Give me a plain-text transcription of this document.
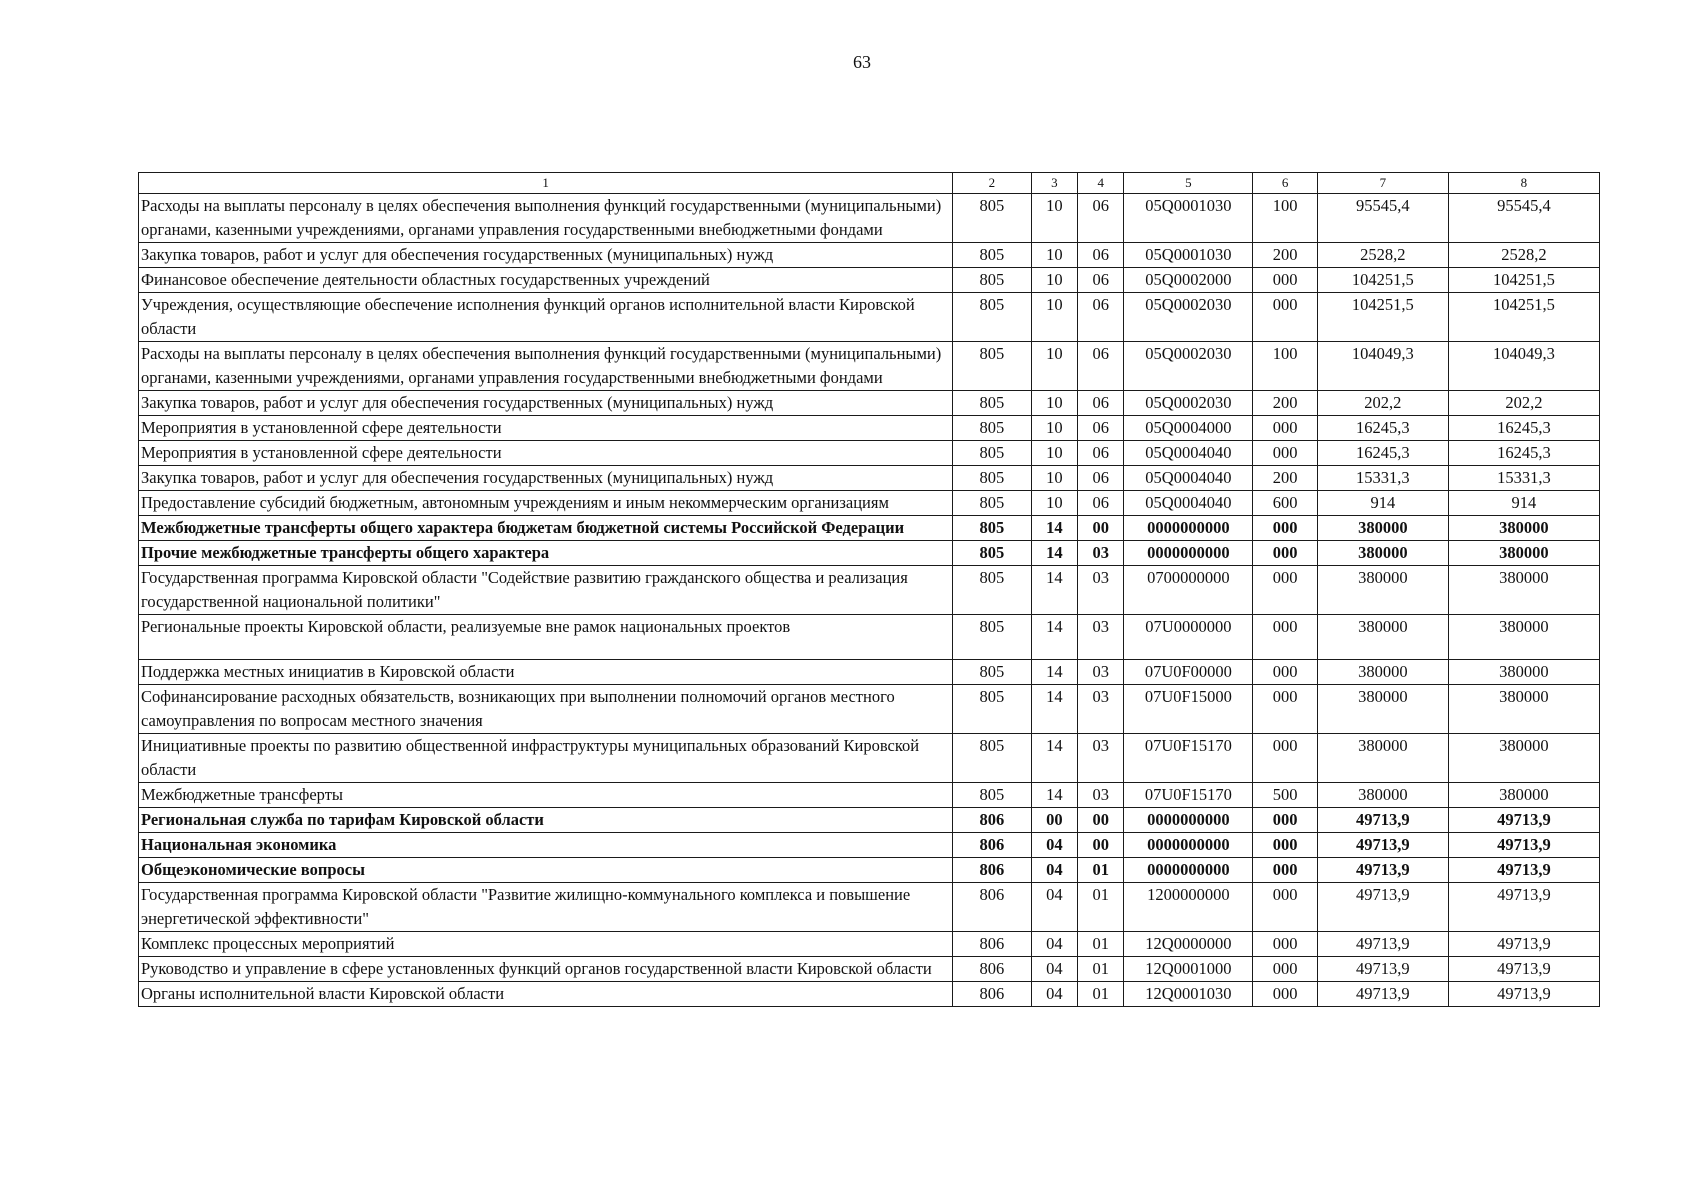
63
1	2	3	4	5	6	7	8
Расходы на выплаты персоналу в целях обеспечения выполнения функций государственными (муниципальными) органами, казенными учреждениями, органами управления государственными внебюджетными фондами	805	10	06	05Q0001030	100	95545,4	95545,4
Закупка товаров, работ и услуг для обеспечения государственных (муниципальных) нужд	805	10	06	05Q0001030	200	2528,2	2528,2
Финансовое обеспечение деятельности областных государственных учреждений	805	10	06	05Q0002000	000	104251,5	104251,5
Учреждения, осуществляющие обеспечение исполнения функций органов исполнительной власти Кировской области	805	10	06	05Q0002030	000	104251,5	104251,5
Расходы на выплаты персоналу в целях обеспечения выполнения функций государственными (муниципальными) органами, казенными учреждениями, органами управления государственными внебюджетными фондами	805	10	06	05Q0002030	100	104049,3	104049,3
Закупка товаров, работ и услуг для обеспечения государственных (муниципальных) нужд	805	10	06	05Q0002030	200	202,2	202,2
Мероприятия в установленной сфере деятельности	805	10	06	05Q0004000	000	16245,3	16245,3
Мероприятия в установленной сфере деятельности	805	10	06	05Q0004040	000	16245,3	16245,3
Закупка товаров, работ и услуг для обеспечения государственных (муниципальных) нужд	805	10	06	05Q0004040	200	15331,3	15331,3
Предоставление субсидий бюджетным, автономным учреждениям и иным некоммерческим организациям	805	10	06	05Q0004040	600	914	914
Межбюджетные трансферты общего характера бюджетам бюджетной системы Российской Федерации	805	14	00	0000000000	000	380000	380000
Прочие межбюджетные трансферты общего характера	805	14	03	0000000000	000	380000	380000
Государственная программа Кировской области "Содействие развитию гражданского общества и реализация государственной национальной политики"	805	14	03	0700000000	000	380000	380000
Региональные проекты Кировской области, реализуемые вне рамок национальных проектов	805	14	03	07U0000000	000	380000	380000
Поддержка местных инициатив в Кировской области	805	14	03	07U0F00000	000	380000	380000
Софинансирование расходных обязательств, возникающих при выполнении полномочий органов местного самоуправления по вопросам местного значения	805	14	03	07U0F15000	000	380000	380000
Инициативные проекты по развитию общественной инфраструктуры муниципальных образований Кировской области	805	14	03	07U0F15170	000	380000	380000
Межбюджетные трансферты	805	14	03	07U0F15170	500	380000	380000
Региональная служба по тарифам Кировской области	806	00	00	0000000000	000	49713,9	49713,9
Национальная экономика	806	04	00	0000000000	000	49713,9	49713,9
Общеэкономические вопросы	806	04	01	0000000000	000	49713,9	49713,9
Государственная программа Кировской области "Развитие жилищно-коммунального комплекса и повышение энергетической эффективности"	806	04	01	1200000000	000	49713,9	49713,9
Комплекс процессных мероприятий	806	04	01	12Q0000000	000	49713,9	49713,9
Руководство и управление в сфере установленных функций органов государственной власти Кировской области	806	04	01	12Q0001000	000	49713,9	49713,9
Органы исполнительной власти Кировской области	806	04	01	12Q0001030	000	49713,9	49713,9
